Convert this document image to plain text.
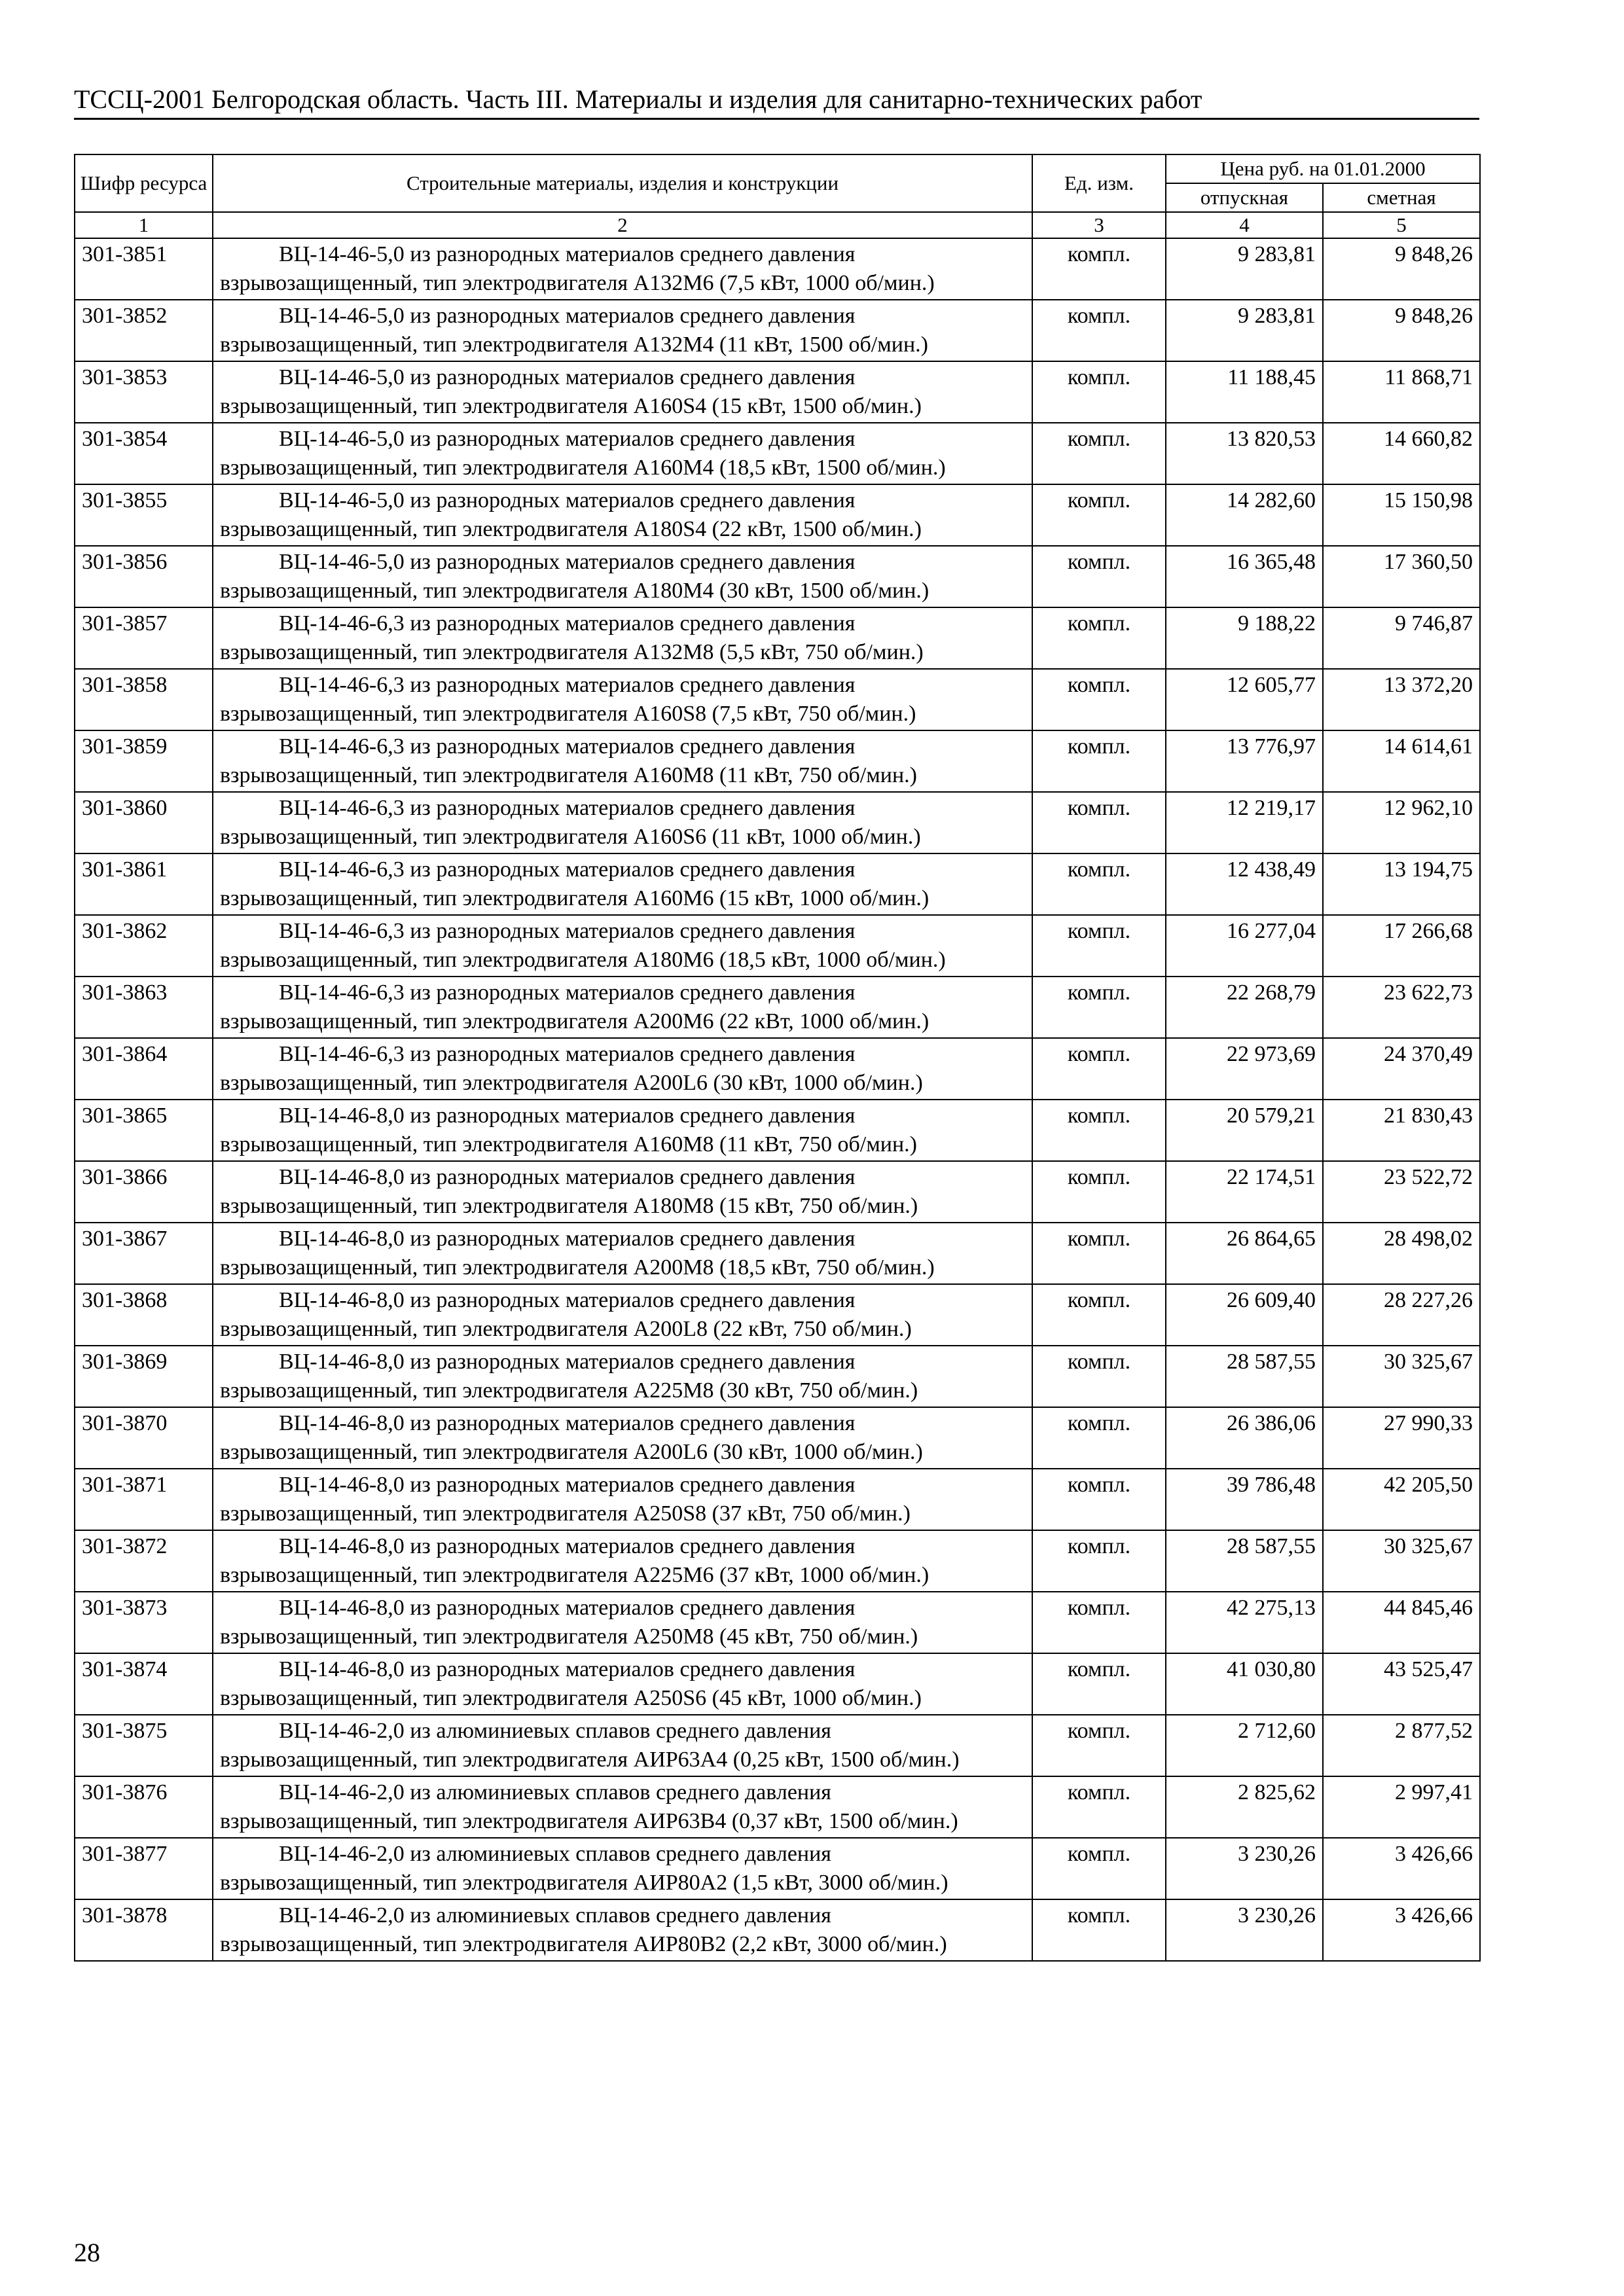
ТССЦ-2001 Белгородская область. Часть III. Материалы и изделия для санитарно-технических работ
Шифр ресурса	Строительные материалы, изделия и конструкции	Ед. изм.	Цена руб. на 01.01.2000	
			отпускная	сметная
1	2	3	4	5
301-3851	ВЦ-14-46-5,0 из разнородных материалов среднего давления взрывозащищенный, тип электродвигателя А132М6 (7,5 кВт, 1000 об/мин.)	компл.	9 283,81	9 848,26
301-3852	ВЦ-14-46-5,0 из разнородных материалов среднего давления взрывозащищенный, тип электродвигателя А132М4 (11 кВт, 1500 об/мин.)	компл.	9 283,81	9 848,26
301-3853	ВЦ-14-46-5,0 из разнородных материалов среднего давления взрывозащищенный, тип электродвигателя А160S4 (15 кВт, 1500 об/мин.)	компл.	11 188,45	11 868,71
301-3854	ВЦ-14-46-5,0 из разнородных материалов среднего давления взрывозащищенный, тип электродвигателя А160М4 (18,5 кВт, 1500 об/мин.)	компл.	13 820,53	14 660,82
301-3855	ВЦ-14-46-5,0 из разнородных материалов среднего давления взрывозащищенный, тип электродвигателя А180S4 (22 кВт, 1500 об/мин.)	компл.	14 282,60	15 150,98
301-3856	ВЦ-14-46-5,0 из разнородных материалов среднего давления взрывозащищенный, тип электродвигателя А180М4 (30 кВт, 1500 об/мин.)	компл.	16 365,48	17 360,50
301-3857	ВЦ-14-46-6,3 из разнородных материалов среднего давления взрывозащищенный, тип электродвигателя А132М8 (5,5 кВт, 750 об/мин.)	компл.	9 188,22	9 746,87
301-3858	ВЦ-14-46-6,3 из разнородных материалов среднего давления взрывозащищенный, тип электродвигателя А160S8 (7,5 кВт, 750 об/мин.)	компл.	12 605,77	13 372,20
301-3859	ВЦ-14-46-6,3 из разнородных материалов среднего давления взрывозащищенный, тип электродвигателя А160М8 (11 кВт, 750 об/мин.)	компл.	13 776,97	14 614,61
301-3860	ВЦ-14-46-6,3 из разнородных материалов среднего давления взрывозащищенный, тип электродвигателя А160S6 (11 кВт, 1000 об/мин.)	компл.	12 219,17	12 962,10
301-3861	ВЦ-14-46-6,3 из разнородных материалов среднего давления взрывозащищенный, тип электродвигателя А160М6 (15 кВт, 1000 об/мин.)	компл.	12 438,49	13 194,75
301-3862	ВЦ-14-46-6,3 из разнородных материалов среднего давления взрывозащищенный, тип электродвигателя А180М6 (18,5 кВт, 1000 об/мин.)	компл.	16 277,04	17 266,68
301-3863	ВЦ-14-46-6,3 из разнородных материалов среднего давления взрывозащищенный, тип электродвигателя А200М6 (22 кВт, 1000 об/мин.)	компл.	22 268,79	23 622,73
301-3864	ВЦ-14-46-6,3 из разнородных материалов среднего давления взрывозащищенный, тип электродвигателя А200L6 (30 кВт, 1000 об/мин.)	компл.	22 973,69	24 370,49
301-3865	ВЦ-14-46-8,0 из разнородных материалов среднего давления взрывозащищенный, тип электродвигателя А160М8 (11 кВт, 750 об/мин.)	компл.	20 579,21	21 830,43
301-3866	ВЦ-14-46-8,0 из разнородных материалов среднего давления взрывозащищенный, тип электродвигателя А180М8 (15 кВт, 750 об/мин.)	компл.	22 174,51	23 522,72
301-3867	ВЦ-14-46-8,0 из разнородных материалов среднего давления взрывозащищенный, тип электродвигателя А200М8 (18,5 кВт, 750 об/мин.)	компл.	26 864,65	28 498,02
301-3868	ВЦ-14-46-8,0 из разнородных материалов среднего давления взрывозащищенный, тип электродвигателя А200L8 (22 кВт, 750 об/мин.)	компл.	26 609,40	28 227,26
301-3869	ВЦ-14-46-8,0 из разнородных материалов среднего давления взрывозащищенный, тип электродвигателя А225М8 (30 кВт, 750 об/мин.)	компл.	28 587,55	30 325,67
301-3870	ВЦ-14-46-8,0 из разнородных материалов среднего давления взрывозащищенный, тип электродвигателя А200L6 (30 кВт, 1000 об/мин.)	компл.	26 386,06	27 990,33
301-3871	ВЦ-14-46-8,0 из разнородных материалов среднего давления взрывозащищенный, тип электродвигателя А250S8 (37 кВт, 750 об/мин.)	компл.	39 786,48	42 205,50
301-3872	ВЦ-14-46-8,0 из разнородных материалов среднего давления взрывозащищенный, тип электродвигателя А225М6 (37 кВт, 1000 об/мин.)	компл.	28 587,55	30 325,67
301-3873	ВЦ-14-46-8,0 из разнородных материалов среднего давления взрывозащищенный, тип электродвигателя А250М8 (45 кВт, 750 об/мин.)	компл.	42 275,13	44 845,46
301-3874	ВЦ-14-46-8,0 из разнородных материалов среднего давления взрывозащищенный, тип электродвигателя А250S6 (45 кВт, 1000 об/мин.)	компл.	41 030,80	43 525,47
301-3875	ВЦ-14-46-2,0 из алюминиевых сплавов среднего давления взрывозащищенный, тип электродвигателя АИР63А4 (0,25 кВт, 1500 об/мин.)	компл.	2 712,60	2 877,52
301-3876	ВЦ-14-46-2,0 из алюминиевых сплавов среднего давления взрывозащищенный, тип электродвигателя АИР63В4 (0,37 кВт, 1500 об/мин.)	компл.	2 825,62	2 997,41
301-3877	ВЦ-14-46-2,0 из алюминиевых сплавов среднего давления взрывозащищенный, тип электродвигателя АИР80А2 (1,5 кВт, 3000 об/мин.)	компл.	3 230,26	3 426,66
301-3878	ВЦ-14-46-2,0 из алюминиевых сплавов среднего давления взрывозащищенный, тип электродвигателя АИР80В2 (2,2 кВт, 3000 об/мин.)	компл.	3 230,26	3 426,66
28
